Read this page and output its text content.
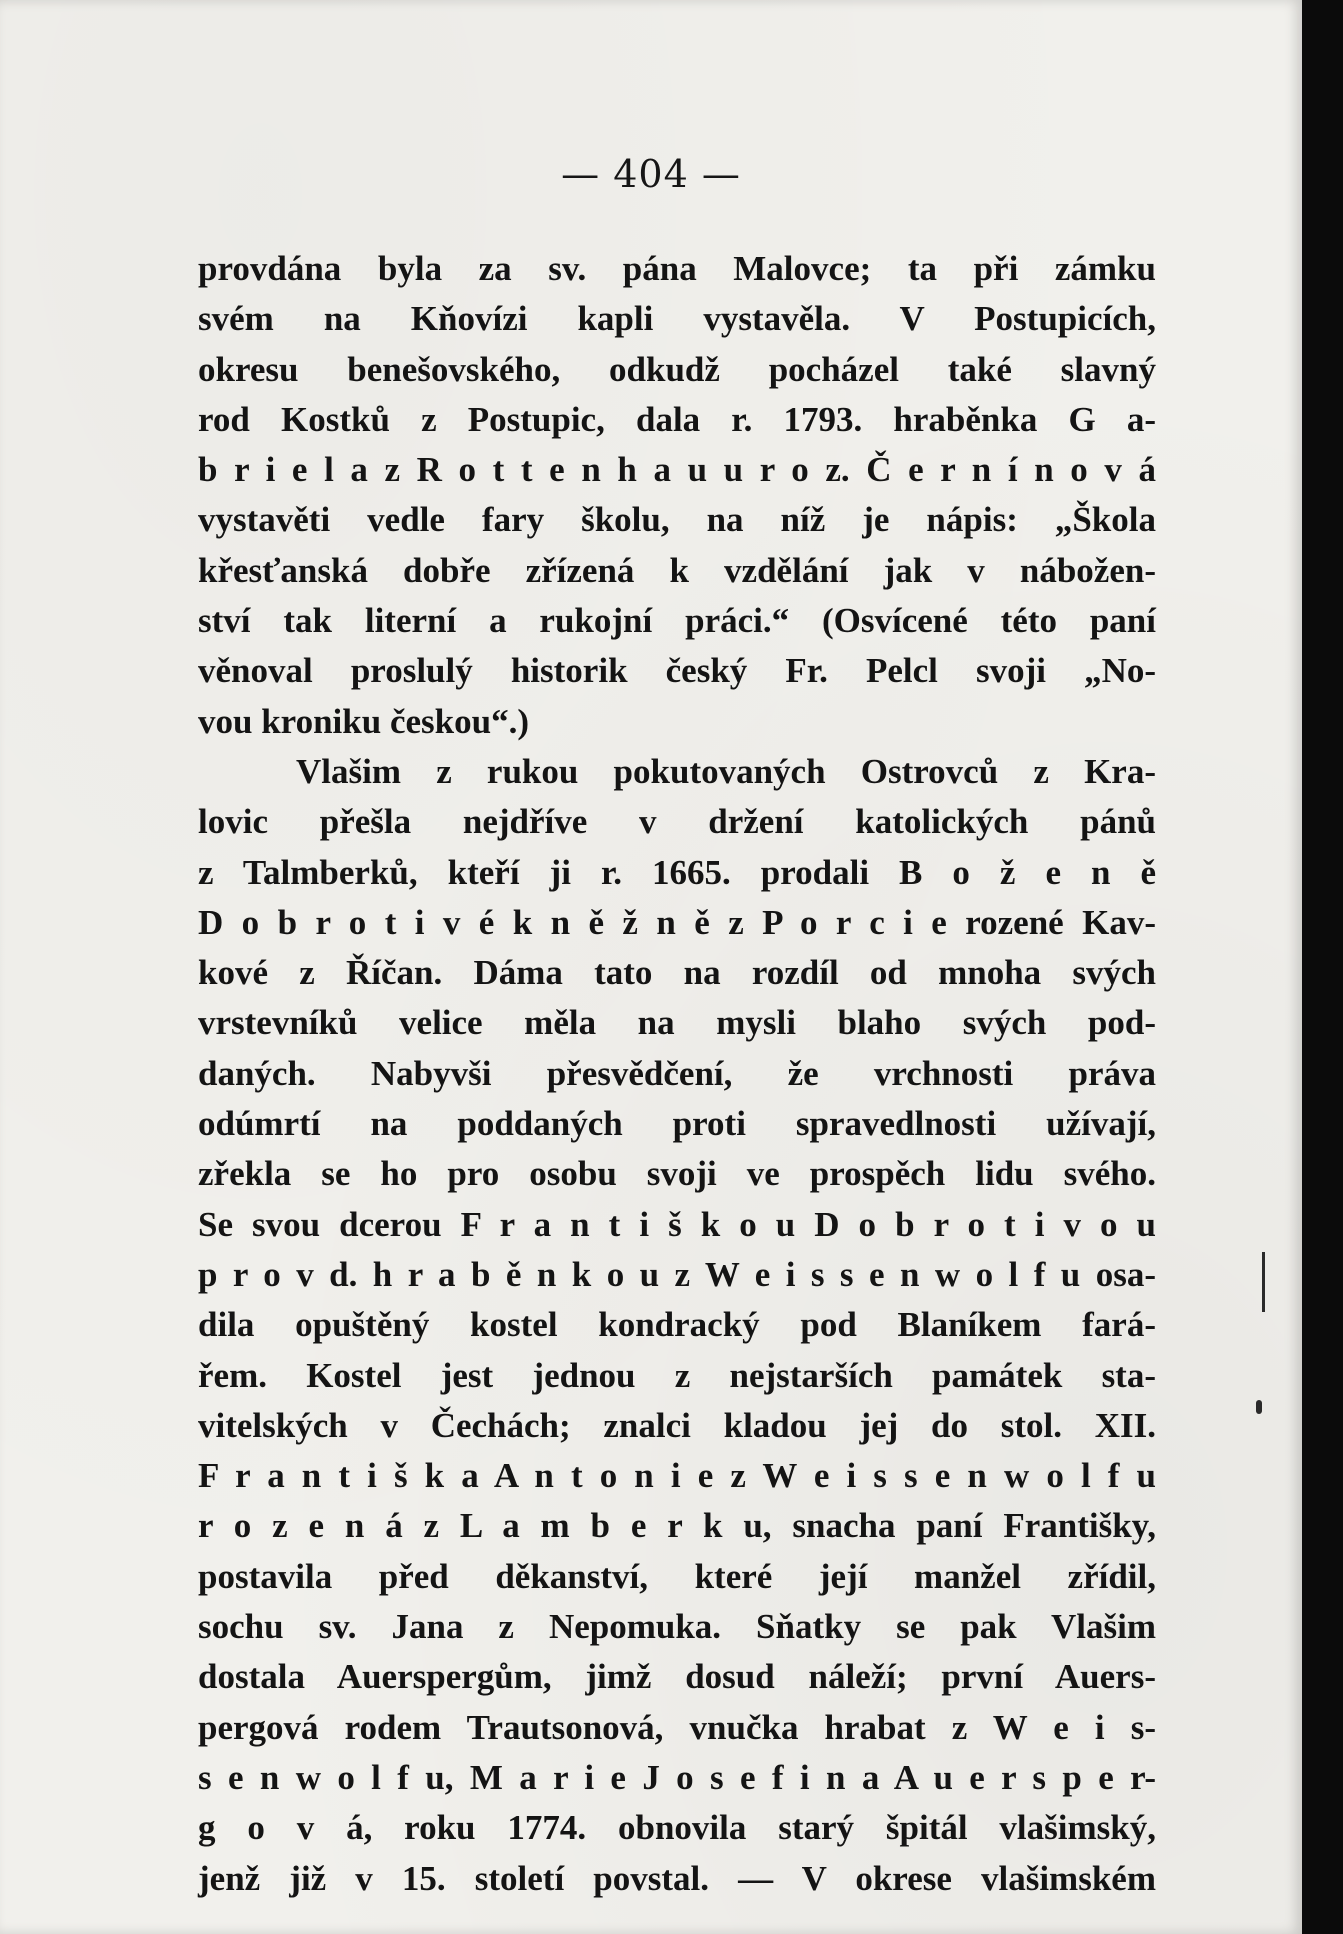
— 404 —
provdána byla za sv. pána Malovce; ta při zámku
svém na Kňovízi kapli vystavěla. V Postupicích,
okresu benešovského, odkudž pocházel také slavný
rod Kostků z Postupic, dala r. 1793. hraběnka G a-
b r i e l a z R o t t e n h a u u r o z. Č e r n í n o v á
vystavěti vedle fary školu, na níž je nápis: „Škola
křesťanská dobře zřízená k vzdělání jak v nábožen-
ství tak literní a rukojní práci.“ (Osvícené této paní
věnoval proslulý historik český Fr. Pelcl svoji „No-
vou kroniku českou“.)
Vlašim z rukou pokutovaných Ostrovců z Kra-
lovic přešla nejdříve v držení katolických pánů
z Talmberků, kteří ji r. 1665. prodali B o ž e n ě
D o b r o t i v é k n ě ž n ě z P o r c i e rozené Kav-
kové z Říčan. Dáma tato na rozdíl od mnoha svých
vrstevníků velice měla na mysli blaho svých pod-
daných. Nabyvši přesvědčení, že vrchnosti práva
odúmrtí na poddaných proti spravedlnosti užívají,
zřekla se ho pro osobu svoji ve prospěch lidu svého.
Se svou dcerou F r a n t i š k o u D o b r o t i v o u
p r o v d. h r a b ě n k o u z W e i s s e n w o l f u osa-
dila opuštěný kostel kondracký pod Blaníkem fará-
řem. Kostel jest jednou z nejstarších památek sta-
vitelských v Čechách; znalci kladou jej do stol. XII.
F r a n t i š k a A n t o n i e z W e i s s e n w o l f u
r o z e n á z L a m b e r k u, snacha paní Františky,
postavila před děkanství, které její manžel zřídil,
sochu sv. Jana z Nepomuka. Sňatky se pak Vlašim
dostala Auerspergům, jimž dosud náleží; první Auers-
pergová rodem Trautsonová, vnučka hrabat z W e i s-
s e n w o l f u, M a r i e J o s e f i n a A u e r s p e r-
g o v á, roku 1774. obnovila starý špitál vlašimský,
jenž již v 15. století povstal. — V okrese vlašimském
